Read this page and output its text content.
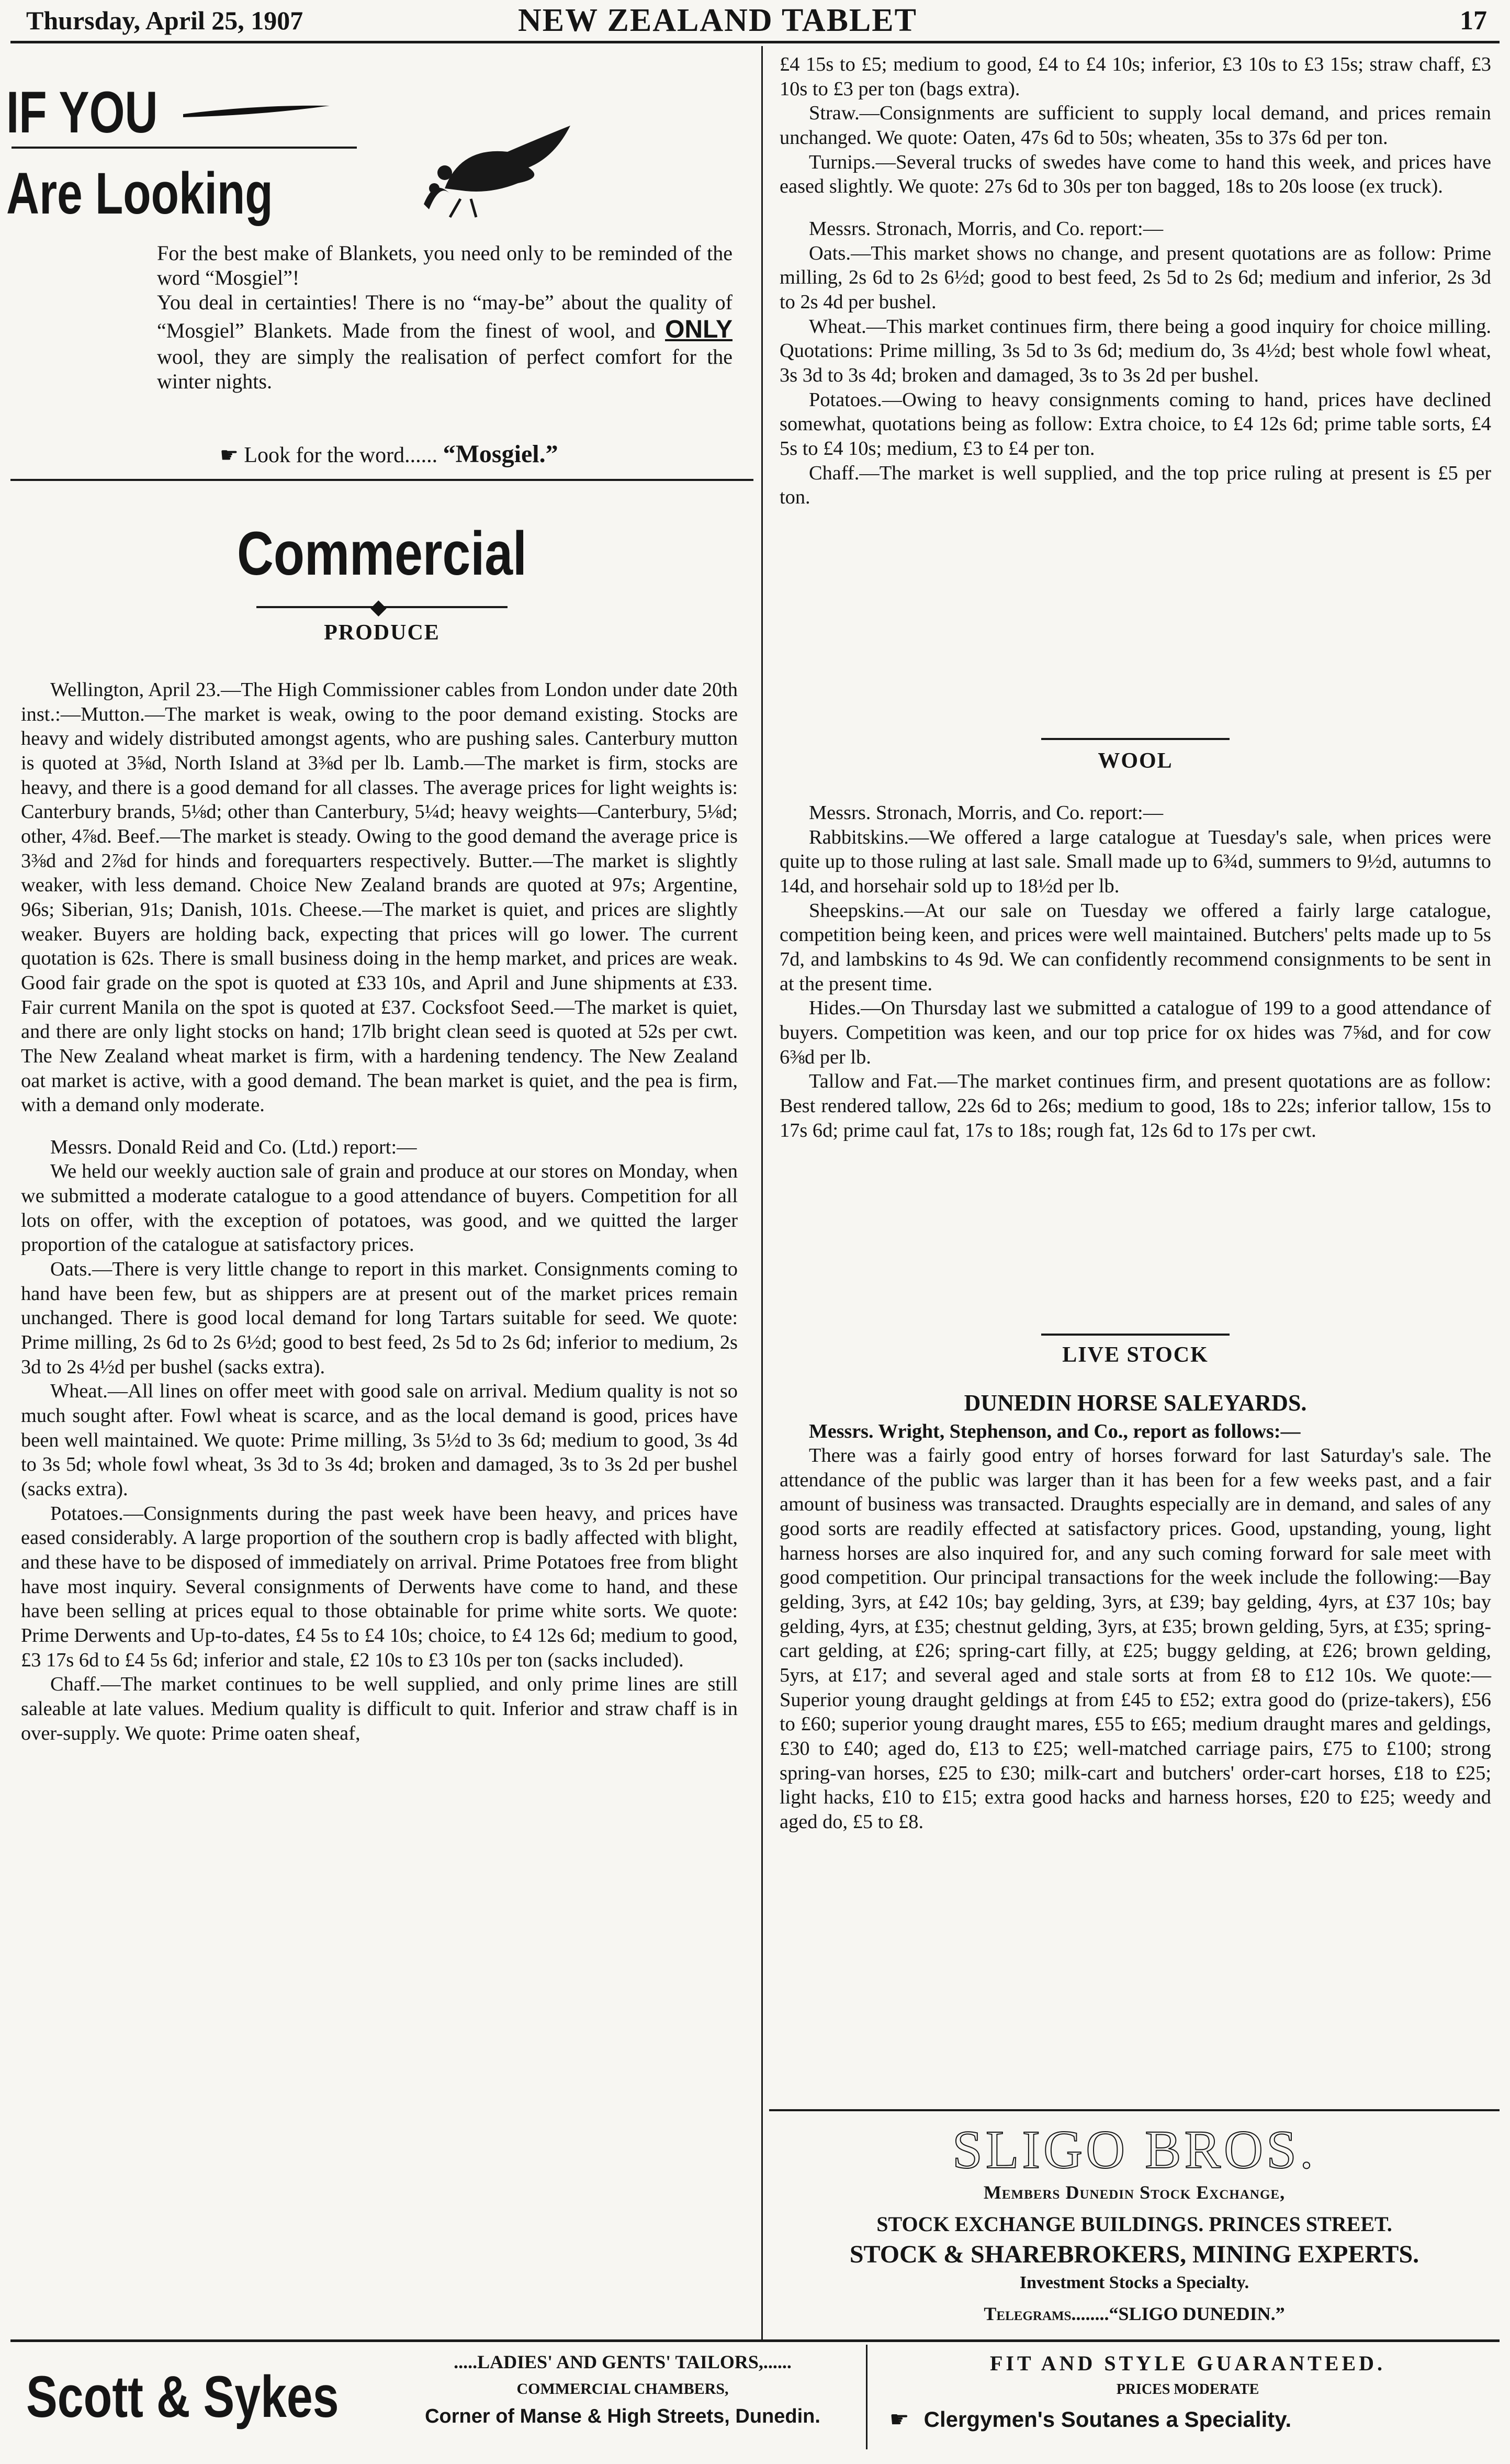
Thursday, April 25, 1907	NEW ZEALAND TABLET	17
IF YOU
Are Looking

For the best make of Blankets, you need only to be reminded of the word “Mosgiel”!

You deal in certainties! There is no “may-be” about the quality of “Mosgiel” Blankets. Made from the finest of wool, and ONLY wool, they are simply the realisation of perfect comfort for the winter nights.

☛ Look for the word...... “Mosgiel.”
Commercial
◆
PRODUCE

Wellington, April 23.—The High Commissioner cables from London under date 20th inst.:—Mutton.—The market is weak, owing to the poor demand existing. Stocks are heavy and widely distributed amongst agents, who are pushing sales. Canterbury mutton is quoted at 3⅝d, North Island at 3⅜d per lb. Lamb.—The market is firm, stocks are heavy, and there is a good demand for all classes. The average prices for light weights is: Canterbury brands, 5⅛d; other than Canterbury, 5¼d; heavy weights—Canterbury, 5⅛d; other, 4⅞d. Beef.—The market is steady. Owing to the good demand the average price is 3⅜d and 2⅞d for hinds and forequarters respectively. Butter.—The market is slightly weaker, with less demand. Choice New Zealand brands are quoted at 97s; Argentine, 96s; Siberian, 91s; Danish, 101s. Cheese.—The market is quiet, and prices are slightly weaker. Buyers are holding back, expecting that prices will go lower. The current quotation is 62s. There is small business doing in the hemp market, and prices are weak. Good fair grade on the spot is quoted at £33 10s, and April and June shipments at £33. Fair current Manila on the spot is quoted at £37. Cocksfoot Seed.—The market is quiet, and there are only light stocks on hand; 17lb bright clean seed is quoted at 52s per cwt. The New Zealand wheat market is firm, with a hardening tendency. The New Zealand oat market is active, with a good demand. The bean market is quiet, and the pea is firm, with a demand only moderate.

Messrs. Donald Reid and Co. (Ltd.) report:—

We held our weekly auction sale of grain and produce at our stores on Monday, when we submitted a moderate catalogue to a good attendance of buyers. Competition for all lots on offer, with the exception of potatoes, was good, and we quitted the larger proportion of the catalogue at satisfactory prices.

Oats.—There is very little change to report in this market. Consignments coming to hand have been few, but as shippers are at present out of the market prices remain unchanged. There is good local demand for long Tartars suitable for seed. We quote: Prime milling, 2s 6d to 2s 6½d; good to best feed, 2s 5d to 2s 6d; inferior to medium, 2s 3d to 2s 4½d per bushel (sacks extra).

Wheat.—All lines on offer meet with good sale on arrival. Medium quality is not so much sought after. Fowl wheat is scarce, and as the local demand is good, prices have been well maintained. We quote: Prime milling, 3s 5½d to 3s 6d; medium to good, 3s 4d to 3s 5d; whole fowl wheat, 3s 3d to 3s 4d; broken and damaged, 3s to 3s 2d per bushel (sacks extra).

Potatoes.—Consignments during the past week have been heavy, and prices have eased considerably. A large proportion of the southern crop is badly affected with blight, and these have to be disposed of immediately on arrival. Prime Potatoes free from blight have most inquiry. Several consignments of Derwents have come to hand, and these have been selling at prices equal to those obtainable for prime white sorts. We quote: Prime Derwents and Up-to-dates, £4 5s to £4 10s; choice, to £4 12s 6d; medium to good, £3 17s 6d to £4 5s 6d; inferior and stale, £2 10s to £3 10s per ton (sacks included).

Chaff.—The market continues to be well supplied, and only prime lines are still saleable at late values. Medium quality is difficult to quit. Inferior and straw chaff is in over-supply. We quote: Prime oaten sheaf,

£4 15s to £5; medium to good, £4 to £4 10s; inferior, £3 10s to £3 15s; straw chaff, £3 10s to £3 per ton (bags extra).

Straw.—Consignments are sufficient to supply local demand, and prices remain unchanged. We quote: Oaten, 47s 6d to 50s; wheaten, 35s to 37s 6d per ton.

Turnips.—Several trucks of swedes have come to hand this week, and prices have eased slightly. We quote: 27s 6d to 30s per ton bagged, 18s to 20s loose (ex truck).

Messrs. Stronach, Morris, and Co. report:—

Oats.—This market shows no change, and present quotations are as follow: Prime milling, 2s 6d to 2s 6½d; good to best feed, 2s 5d to 2s 6d; medium and inferior, 2s 3d to 2s 4d per bushel.

Wheat.—This market continues firm, there being a good inquiry for choice milling. Quotations: Prime milling, 3s 5d to 3s 6d; medium do, 3s 4½d; best whole fowl wheat, 3s 3d to 3s 4d; broken and damaged, 3s to 3s 2d per bushel.

Potatoes.—Owing to heavy consignments coming to hand, prices have declined somewhat, quotations being as follow: Extra choice, to £4 12s 6d; prime table sorts, £4 5s to £4 10s; medium, £3 to £4 per ton.

Chaff.—The market is well supplied, and the top price ruling at present is £5 per ton.

WOOL

Messrs. Stronach, Morris, and Co. report:—

Rabbitskins.—We offered a large catalogue at Tuesday's sale, when prices were quite up to those ruling at last sale. Small made up to 6¾d, summers to 9½d, autumns to 14d, and horsehair sold up to 18½d per lb.

Sheepskins.—At our sale on Tuesday we offered a fairly large catalogue, competition being keen, and prices were well maintained. Butchers' pelts made up to 5s 7d, and lambskins to 4s 9d. We can confidently recommend consignments to be sent in at the present time.

Hides.—On Thursday last we submitted a catalogue of 199 to a good attendance of buyers. Competition was keen, and our top price for ox hides was 7⅝d, and for cow 6⅜d per lb.

Tallow and Fat.—The market continues firm, and present quotations are as follow: Best rendered tallow, 22s 6d to 26s; medium to good, 18s to 22s; inferior tallow, 15s to 17s 6d; prime caul fat, 17s to 18s; rough fat, 12s 6d to 17s per cwt.

LIVE STOCK
DUNEDIN HORSE SALEYARDS.

Messrs. Wright, Stephenson, and Co., report as follows:—

There was a fairly good entry of horses forward for last Saturday's sale. The attendance of the public was larger than it has been for a few weeks past, and a fair amount of business was transacted. Draughts especially are in demand, and sales of any good sorts are readily effected at satisfactory prices. Good, upstanding, young, light harness horses are also inquired for, and any such coming forward for sale meet with good competition. Our principal transactions for the week include the following:—Bay gelding, 3yrs, at £42 10s; bay gelding, 3yrs, at £39; bay gelding, 4yrs, at £37 10s; bay gelding, 4yrs, at £35; chestnut gelding, 3yrs, at £35; brown gelding, 5yrs, at £35; spring-cart gelding, at £26; spring-cart filly, at £25; buggy gelding, at £26; brown gelding, 5yrs, at £17; and several aged and stale sorts at from £8 to £12 10s. We quote:—Superior young draught geldings at from £45 to £52; extra good do (prize-takers), £56 to £60; superior young draught mares, £55 to £65; medium draught mares and geldings, £30 to £40; aged do, £13 to £25; well-matched carriage pairs, £75 to £100; strong spring-van horses, £25 to £30; milk-cart and butchers' order-cart horses, £18 to £25; light hacks, £10 to £15; extra good hacks and harness horses, £20 to £25; weedy and aged do, £5 to £8.

SLIGO BROS.
Members Dunedin Stock Exchange,
STOCK EXCHANGE BUILDINGS. PRINCES STREET.
STOCK & SHAREBROKERS, MINING EXPERTS.
Investment Stocks a Specialty.
Telegrams........“SLIGO DUNEDIN.”
Scott & Sykes
.....LADIES' AND GENTS' TAILORS,......
COMMERCIAL CHAMBERS,
Corner of Manse & High Streets, Dunedin.
FIT AND STYLE GUARANTEED.
PRICES MODERATE
☛ Clergymen's Soutanes a Speciality.
